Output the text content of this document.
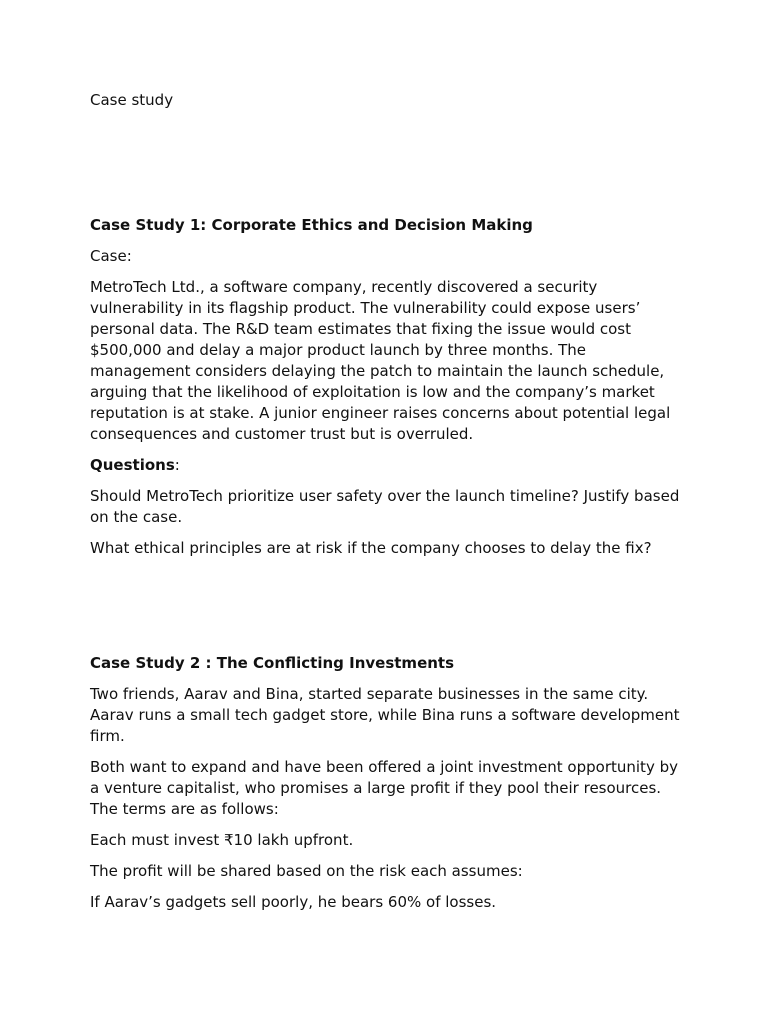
Case study

Case Study 1: Corporate Ethics and Decision Making

Case:

MetroTech Ltd., a software company, recently discovered a security vulnerability in its flagship product. The vulnerability could expose users’ personal data. The R&D team estimates that fixing the issue would cost $500,000 and delay a major product launch by three months. The management considers delaying the patch to maintain the launch schedule, arguing that the likelihood of exploitation is low and the company’s market reputation is at stake. A junior engineer raises concerns about potential legal consequences and customer trust but is overruled.

Questions:

Should MetroTech prioritize user safety over the launch timeline? Justify based on the case.

What ethical principles are at risk if the company chooses to delay the fix?

Case Study 2 : The Conflicting Investments

Two friends, Aarav and Bina, started separate businesses in the same city. Aarav runs a small tech gadget store, while Bina runs a software development firm.

Both want to expand and have been offered a joint investment opportunity by a venture capitalist, who promises a large profit if they pool their resources. The terms are as follows:

Each must invest ₹10 lakh upfront.

The profit will be shared based on the risk each assumes:

If Aarav’s gadgets sell poorly, he bears 60% of losses.
